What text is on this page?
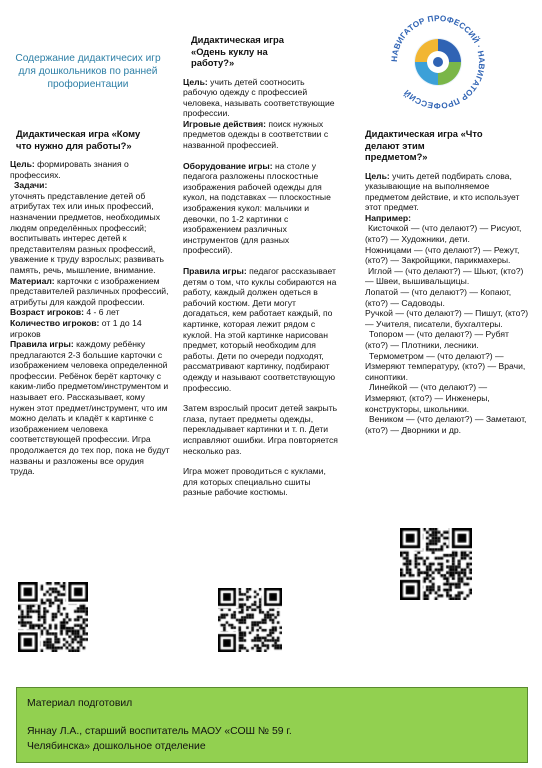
Содержание дидактичесих игр для дошкольников по ранней профориентации

Дидактическая игра «Кому что нужно для работы?»

Цель: формировать знания о профессиях.

Задачи:

уточнять представление детей об атрибутах тех или иных профессий, назначении предметов, необходимых людям определённых профессий; воспитывать интерес детей к представителям разных профессий, уважение к труду взрослых; развивать память, речь, мышление, внимание.

Материал: карточки с изображением представителей различных профессий, атрибуты для каждой профессии.

Возраст игроков: 4 - 6 лет

Количество игроков: от 1 до 14 игроков

Правила игры: каждому ребёнку предлагаются 2-3 большие карточки с изображением человека определенной профессии. Ребёнок берёт карточку с каким-либо предметом/инструментом и называет его. Рассказывает, кому нужен этот предмет/инструмент, что им можно делать и кладёт к картинке с изображением человека соответствующей профессии. Игра продолжается до тех пор, пока не будут названы и разложены все орудия труда.

Дидактическая игра «Одень куклу на работу?»

Цель: учить детей соотносить рабочую одежду с профессией человека, называть соответствующие профессии.

Игровые действия: поиск нужных предметов одежды в соответствии с названной профессией.

Оборудование игры: на столе у педагога разложены плоскостные изображения рабочей одежды для кукол, на подставках — плоскостные изображения кукол: мальчики и девочки, по 1-2 картинки с изображением различных инструментов (для разных профессий).

Правила игры: педагог рассказывает детям о том, что куклы собираются на работу, каждый должен одеться в рабочий костюм. Дети могут догадаться, кем работает каждый, по картинке, которая лежит рядом с куклой. На этой картинке нарисован предмет, который необходим для работы. Дети по очереди подходят, рассматривают картинку, подбирают одежду и называют соответствующую профессию.

Затем взрослый просит детей закрыть глаза, путает предметы одежды, перекладывает картинки и т. п. Дети исправляют ошибки. Игра повторяется несколько раз.

Игра может проводиться с куклами, для которых специально сшиты разные рабочие костюмы.

НАВИГАТОР ПРОФЕССИЙ · НАВИГАТОР ПРОФЕССИЙ

Дидактическая игра «Что делают этим предметом?»

Цель: учить детей подбирать слова, указывающие на выполняемое предметом действие, и кто использует этот предмет.

Например:

Кисточкой — (что делают?) — Рисуют, (кто?) — Художники, дети.

Ножницами — (что делают?) — Режут, (кто?) — Закройщики, парикмахеры.

Иглой — (что делают?) — Шьют, (кто?) — Швеи, вышивальщицы.

Лопатой — (что делают?) — Копают, (кто?) — Садоводы.

Ручкой — (что делают?) — Пишут, (кто?) — Учителя, писатели, бухгалтеры.

Топором — (что делают?) — Рубят (кто?) — Плотники, лесники.

Термометром — (что делают?) — Измеряют температуру, (кто?) — Врачи, синоптики.

Линейкой — (что делают?) — Измеряют, (кто?) — Инженеры, конструкторы, школьники.

Веником — (что делают?) — Заметают, (кто?) — Дворники и др.

Материал подготовил

Яннау Л.А., старший воспитатель МАОУ «СОШ № 59 г. Челябинска» дошкольное отделение
